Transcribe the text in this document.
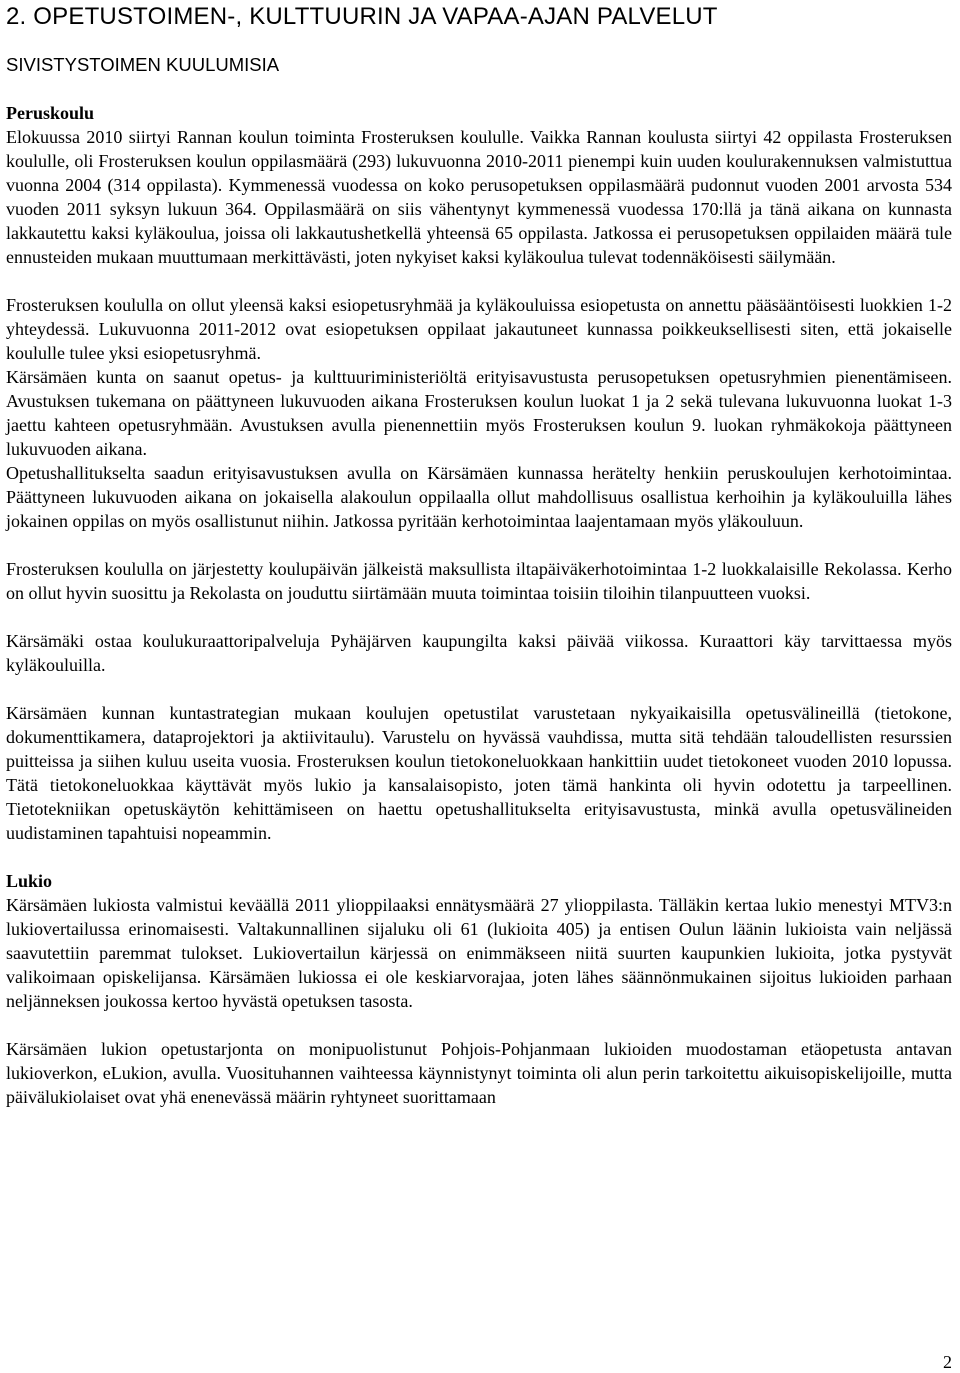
2. OPETUSTOIMEN-, KULTTUURIN JA VAPAA-AJAN PALVELUT
SIVISTYSTOIMEN KUULUMISIA
Peruskoulu

Elokuussa 2010 siirtyi Rannan koulun toiminta Frosteruksen koululle. Vaikka Rannan koulusta siirtyi 42 oppilasta Frosteruksen koululle, oli Frosteruksen koulun oppilasmäärä (293) lukuvuonna 2010-2011 pienempi kuin uuden koulurakennuksen valmistuttua vuonna 2004 (314 oppilasta). Kymmenessä vuodessa on koko perusopetuksen oppilasmäärä pudonnut vuoden 2001 arvosta 534 vuoden 2011 syksyn lukuun 364. Oppilasmäärä on siis vähentynyt kymmenessä vuodessa 170:llä ja tänä aikana on kunnasta lakkautettu kaksi kyläkoulua, joissa oli lakkautushetkellä yhteensä 65 oppilasta. Jatkossa ei perusopetuksen oppilaiden määrä tule ennusteiden mukaan muuttumaan merkittävästi, joten nykyiset kaksi kyläkoulua tulevat todennäköisesti säilymään.

Frosteruksen koululla on ollut yleensä kaksi esiopetusryhmää ja kyläkouluissa esiopetusta on annettu pääsääntöisesti luokkien 1-2 yhteydessä. Lukuvuonna 2011-2012 ovat esiopetuksen oppilaat jakautuneet kunnassa poikkeuksellisesti siten, että jokaiselle koululle tulee yksi esiopetusryhmä.

Kärsämäen kunta on saanut opetus- ja kulttuuriministeriöltä erityisavustusta perusopetuksen opetusryhmien pienentämiseen. Avustuksen tukemana on päättyneen lukuvuoden aikana Frosteruksen koulun luokat 1 ja 2 sekä tulevana lukuvuonna luokat 1-3 jaettu kahteen opetusryhmään. Avustuksen avulla pienennettiin myös Frosteruksen koulun 9. luokan ryhmäkokoja päättyneen lukuvuoden aikana.

Opetushallitukselta saadun erityisavustuksen avulla on Kärsämäen kunnassa herätelty henkiin peruskoulujen kerhotoimintaa. Päättyneen lukuvuoden aikana on jokaisella alakoulun oppilaalla ollut mahdollisuus osallistua kerhoihin ja kyläkouluilla lähes jokainen oppilas on myös osallistunut niihin. Jatkossa pyritään kerhotoimintaa laajentamaan myös yläkouluun.

Frosteruksen koululla on järjestetty koulupäivän jälkeistä maksullista iltapäiväkerhotoimintaa 1-2 luokkalaisille Rekolassa. Kerho on ollut hyvin suosittu ja Rekolasta on jouduttu siirtämään muuta toimintaa toisiin tiloihin tilanpuutteen vuoksi.

Kärsämäki ostaa koulukuraattoripalveluja Pyhäjärven kaupungilta kaksi päivää viikossa. Kuraattori käy tarvittaessa myös kyläkouluilla.

Kärsämäen kunnan kuntastrategian mukaan koulujen opetustilat varustetaan nykyaikaisilla opetusvälineillä (tietokone, dokumenttikamera, dataprojektori ja aktiivitaulu). Varustelu on hyvässä vauhdissa, mutta sitä tehdään taloudellisten resurssien puitteissa ja siihen kuluu useita vuosia. Frosteruksen koulun tietokoneluokkaan hankittiin uudet tietokoneet vuoden 2010 lopussa. Tätä tietokoneluokkaa käyttävät myös lukio ja kansalaisopisto, joten tämä hankinta oli hyvin odotettu ja tarpeellinen. Tietotekniikan opetuskäytön kehittämiseen on haettu opetushallitukselta erityisavustusta, minkä avulla opetusvälineiden uudistaminen tapahtuisi nopeammin.

Lukio

Kärsämäen lukiosta valmistui keväällä 2011 ylioppilaaksi ennätysmäärä 27 ylioppilasta. Tälläkin kertaa lukio menestyi MTV3:n lukiovertailussa erinomaisesti. Valtakunnallinen sijaluku oli 61 (lukioita 405) ja entisen Oulun läänin lukioista vain neljässä saavutettiin paremmat tulokset. Lukiovertailun kärjessä on enimmäkseen niitä suurten kaupunkien lukioita, jotka pystyvät valikoimaan opiskelijansa. Kärsämäen lukiossa ei ole keskiarvorajaa, joten lähes säännönmukainen sijoitus lukioiden parhaan neljänneksen joukossa kertoo hyvästä opetuksen tasosta.

Kärsämäen lukion opetustarjonta on monipuolistunut Pohjois-Pohjanmaan lukioiden muodostaman etäopetusta antavan lukioverkon, eLukion, avulla. Vuosituhannen vaihteessa käynnistynyt toiminta oli alun perin tarkoitettu aikuisopiskelijoille, mutta päivälukiolaiset ovat yhä enenevässä määrin ryhtyneet suorittamaan

2
